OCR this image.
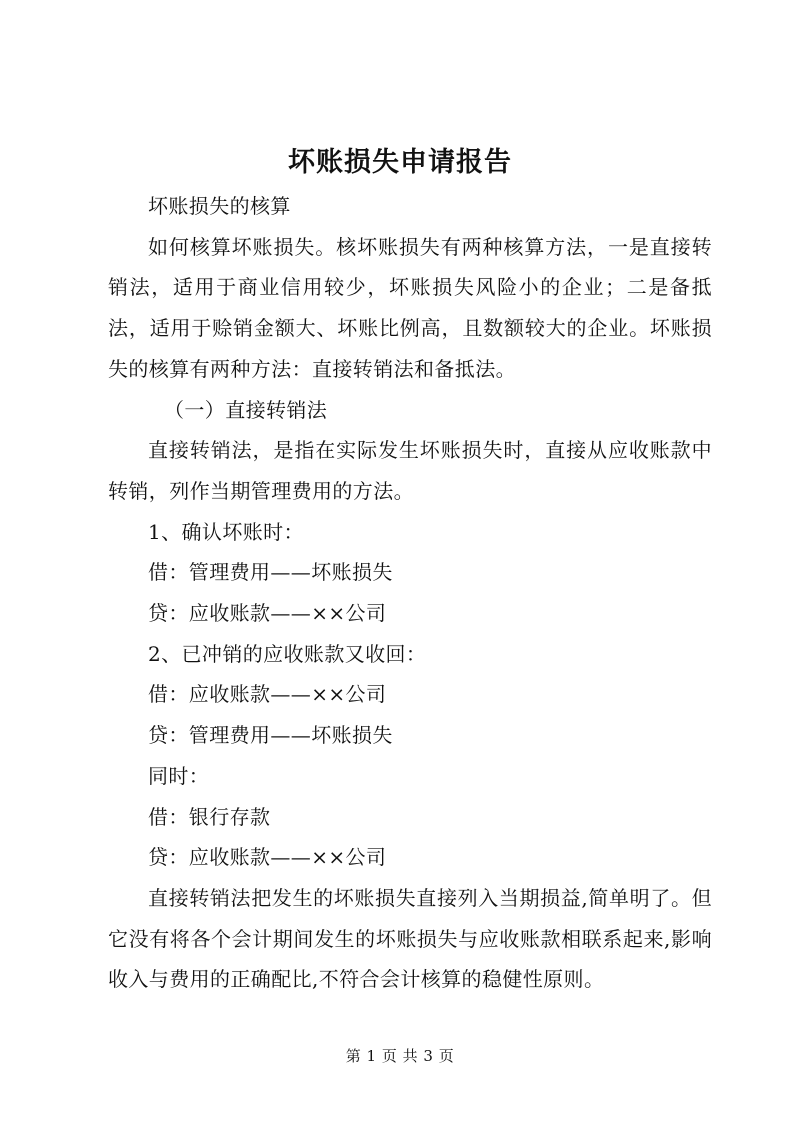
坏账损失申请报告

坏账损失的核算

如何核算坏账损失。核坏账损失有两种核算方法，一是直接转销法，适用于商业信用较少，坏账损失风险小的企业；二是备抵法，适用于赊销金额大、坏账比例高，且数额较大的企业。坏账损失的核算有两种方法：直接转销法和备抵法。

（一）直接转销法

直接转销法，是指在实际发生坏账损失时，直接从应收账款中转销，列作当期管理费用的方法。

1、确认坏账时：

借：管理费用——坏账损失

贷：应收账款——××公司

2、已冲销的应收账款又收回：

借：应收账款——××公司

贷：管理费用——坏账损失

同时：

借：银行存款

贷：应收账款——××公司

直接转销法把发生的坏账损失直接列入当期损益,简单明了。但它没有将各个会计期间发生的坏账损失与应收账款相联系起来,影响收入与费用的正确配比,不符合会计核算的稳健性原则。

第 1 页 共 3 页
